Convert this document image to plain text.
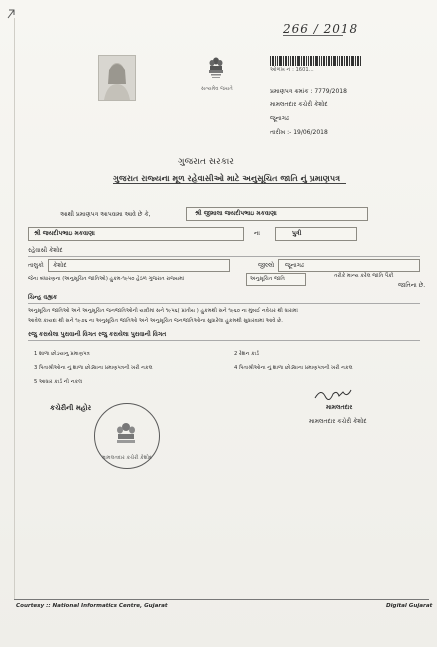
266 / 2018
સત્યમેવ જયતે
ઓળખ નં : 1601...
પ્રમાણપત્ર ક્રમાંક : 7779/2018
મામલતદાર કચેરી કેશોદ
જૂનાગઢ
તારીખ :- 19/06/2018
ગુજરાત સરકાર
ગુજરાત રાજ્યના મૂળ રહેવાસીઓ માટે અનુસૂચિત જાતિ નું પ્રમાણપત્ર
આથી પ્રમાણપત્ર આપવામા આવે છે કે,	શ્રી જીમાલા જયદીપભાઇ મકવાણા
શ્રી જયદીપભાઇ મકવાણા	ના	પુત્રી
રહેવાસી કેશોદ
તાલુકો કેશોદ	જીલ્લો જૂનાગઢ
જેના બંધારણના (અનુસૂચિત જાતિઓ) હુકમ-૧૯૫૦ હેઠળ ગુજરાત રાજ્યમાં	અનુસૂચિત જાતિ	તરીકે માન્ય કરેલ જાતિ પૈકી
જાતિના છે.
ચિન્હ વહ્યક
અનુસૂચિત જાતિઓ અને અનુસૂચિત જનજાતિઓની યાદીમાં સને ૧૯૫૬( પ્રાંતીય ) હુકમથી સને ૧૯૬૦ ના મુંબઈ નવેચર થી ધારામાં
આવેલ કાયદા થી સને ૧૯૭૬ ના અનુસૂચિત જાતિઓ અને અનુસૂચિત જનજાતિઓના સુધારેલા હુકમથી સુધારવામાં આવે છે.
રજુ કરાયેલા પુરાવાની વિગત રજુ કરાયેલા પુરાવાની વિગત
1 શાળા છોડયાનુ પ્રમાણપત્ર	2 રેશન કાર્ડ
3 પિતાશ્રીઓના નું શાળા છોડ્યાના પ્રમાણપત્રની ખરી નકલ	4 પિતાશ્રીઓના નું શાળા છોડ્યાના પ્રમાણપત્રની ખરી નકલ
5 આધાર કાર્ડ ની નકલ
મામલતદાર
મામલતદાર કચેરી કેશોદ
કચેરીની મહોર
મામલતદાર કચેરી કેશોદ
Courtesy :: National Informatics Centre, Gujarat	Digital Gujarat
